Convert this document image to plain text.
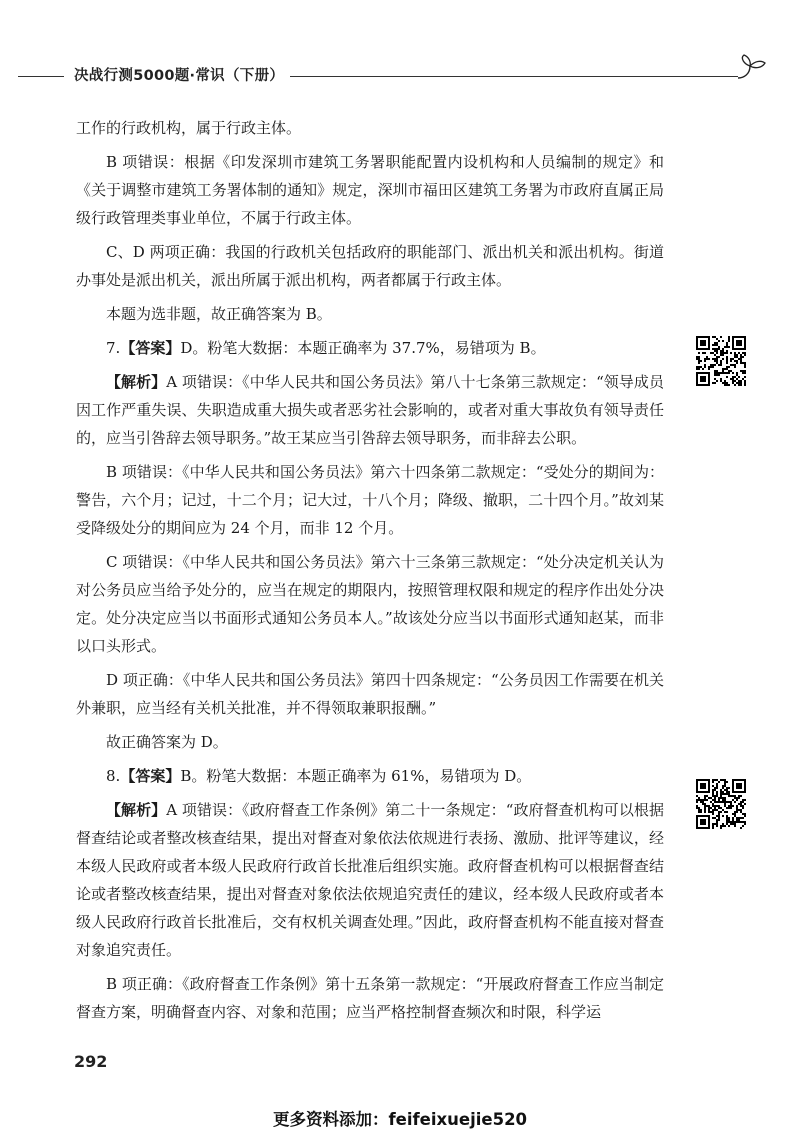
决战行测5000题·常识（下册）

工作的行政机构，属于行政主体。

B 项错误：根据《印发深圳市建筑工务署职能配置内设机构和人员编制的规定》和《关于调整市建筑工务署体制的通知》规定，深圳市福田区建筑工务署为市政府直属正局级行政管理类事业单位，不属于行政主体。

C、D 两项正确：我国的行政机关包括政府的职能部门、派出机关和派出机构。街道办事处是派出机关，派出所属于派出机构，两者都属于行政主体。

本题为选非题，故正确答案为 B。

7.【答案】D。粉笔大数据：本题正确率为 37.7%，易错项为 B。

【解析】A 项错误：《中华人民共和国公务员法》第八十七条第三款规定：“领导成员因工作严重失误、失职造成重大损失或者恶劣社会影响的，或者对重大事故负有领导责任的，应当引咎辞去领导职务。”故王某应当引咎辞去领导职务，而非辞去公职。

B 项错误：《中华人民共和国公务员法》第六十四条第二款规定：“受处分的期间为：警告，六个月；记过，十二个月；记大过，十八个月；降级、撤职，二十四个月。”故刘某受降级处分的期间应为 24 个月，而非 12 个月。

C 项错误：《中华人民共和国公务员法》第六十三条第三款规定：“处分决定机关认为对公务员应当给予处分的，应当在规定的期限内，按照管理权限和规定的程序作出处分决定。处分决定应当以书面形式通知公务员本人。”故该处分应当以书面形式通知赵某，而非以口头形式。

D 项正确：《中华人民共和国公务员法》第四十四条规定：“公务员因工作需要在机关外兼职，应当经有关机关批准，并不得领取兼职报酬。”

故正确答案为 D。

8.【答案】B。粉笔大数据：本题正确率为 61%，易错项为 D。

【解析】A 项错误：《政府督查工作条例》第二十一条规定：“政府督查机构可以根据督查结论或者整改核查结果，提出对督查对象依法依规进行表扬、激励、批评等建议，经本级人民政府或者本级人民政府行政首长批准后组织实施。政府督查机构可以根据督查结论或者整改核查结果，提出对督查对象依法依规追究责任的建议，经本级人民政府或者本级人民政府行政首长批准后，交有权机关调查处理。”因此，政府督查机构不能直接对督查对象追究责任。

B 项正确：《政府督查工作条例》第十五条第一款规定：“开展政府督查工作应当制定督查方案，明确督查内容、对象和范围；应当严格控制督查频次和时限，科学运

292
更多资料添加：feifeixuejie520
